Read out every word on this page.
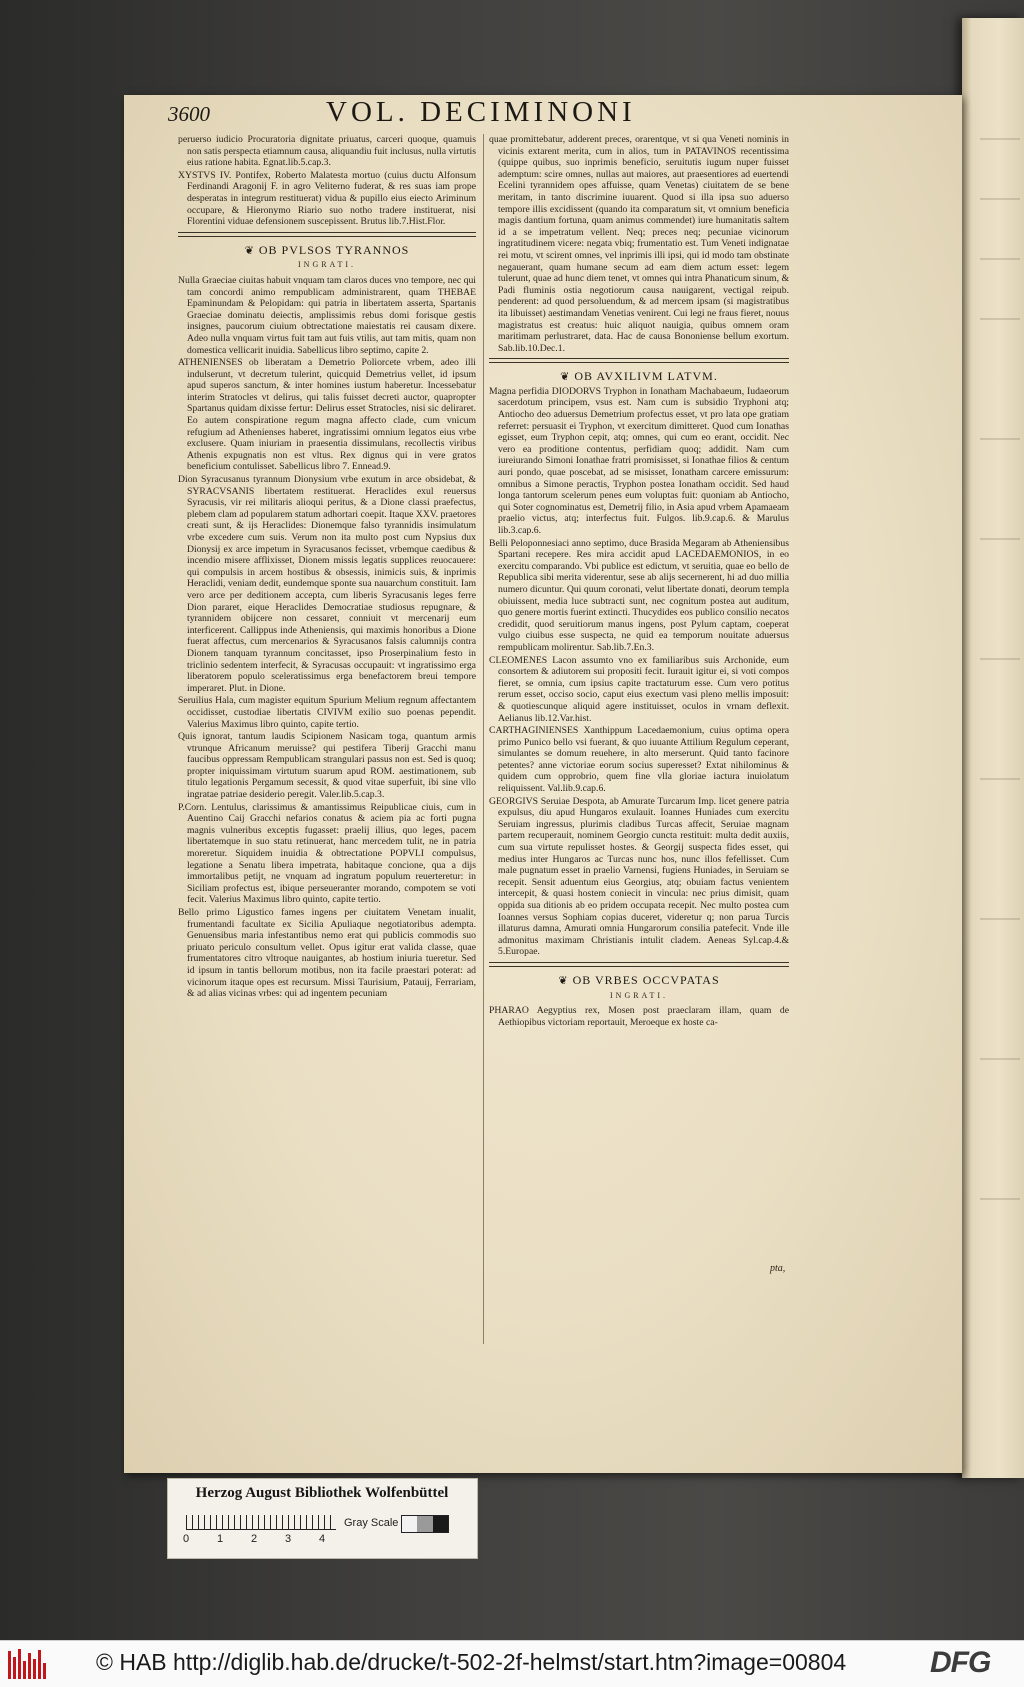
3600	VOL. DECIMINONI

peruerso iudicio Procuratoria dignitate priuatus, carceri quoque, quamuis non satis perspecta etiamnum causa, aliquandiu fuit inclusus, nulla virtutis eius ratione habita. Egnat.lib.5.cap.3.

XYSTVS IV. Pontifex, Roberto Malatesta mortuo (cuius ductu Alfonsum Ferdinandi Aragonij F. in agro Veliterno fuderat, & res suas iam prope desperatas in integrum restituerat) vidua & pupillo eius eiecto Ariminum occupare, & Hieronymo Riario suo notho tradere instituerat, nisi Florentini viduae defensionem suscepissent. Brutus lib.7.Hist.Flor.

❦ OB PVLSOS TYRANNOS
INGRATI.

Nulla Graeciae ciuitas habuit vnquam tam claros duces vno tempore, nec qui tam concordi animo rempublicam administrarent, quam THEBAE Epaminundam & Pelopidam: qui patria in libertatem asserta, Spartanis Graeciae dominatu deiectis, amplissimis rebus domi forisque gestis insignes, paucorum ciuium obtrectatione maiestatis rei causam dixere. Adeo nulla vnquam virtus fuit tam aut fuis vtilis, aut tam mitis, quam non domestica vellicarit inuidia. Sabellicus libro septimo, capite 2.

ATHENIENSES ob liberatam a Demetrio Poliorcete vrbem, adeo illi indulserunt, vt decretum tulerint, quicquid Demetrius vellet, id ipsum apud superos sanctum, & inter homines iustum haberetur. Incessebatur interim Stratocles vt delirus, qui talis fuisset decreti auctor, quapropter Spartanus quidam dixisse fertur: Delirus esset Stratocles, nisi sic deliraret. Eo autem conspiratione regum magna affecto clade, cum vnicum refugium ad Athenienses haberet, ingratissimi omnium legatos eius vrbe exclusere. Quam iniuriam in praesentia dissimulans, recollectis viribus Athenis expugnatis non est vltus. Rex dignus qui in vere gratos beneficium contulisset. Sabellicus libro 7. Ennead.9.

Dion Syracusanus tyrannum Dionysium vrbe exutum in arce obsidebat, & SYRACVSANIS libertatem restituerat. Heraclides exul reuersus Syracusis, vir rei militaris alioqui peritus, & a Dione classi praefectus, plebem clam ad popularem statum adhortari coepit. Itaque XXV. praetores creati sunt, & ijs Heraclides: Dionemque falso tyrannidis insimulatum vrbe excedere cum suis. Verum non ita multo post cum Nypsius dux Dionysij ex arce impetum in Syracusanos fecisset, vrbemque caedibus & incendio misere afflixisset, Dionem missis legatis supplices reuocauere: qui compulsis in arcem hostibus & obsessis, inimicis suis, & inprimis Heraclidi, veniam dedit, eundemque sponte sua nauarchum constituit. Iam vero arce per deditionem accepta, cum liberis Syracusanis leges ferre Dion pararet, eique Heraclides Democratiae studiosus repugnare, & tyrannidem obijcere non cessaret, conniuit vt mercenarij eum interficerent. Callippus inde Atheniensis, qui maximis honoribus a Dione fuerat affectus, cum mercenarios & Syracusanos falsis calumnijs contra Dionem tanquam tyrannum concitasset, ipso Proserpinalium festo in triclinio sedentem interfecit, & Syracusas occupauit: vt ingratissimo erga liberatorem populo sceleratissimus erga benefactorem breui tempore imperaret. Plut. in Dione.

Seruilius Hala, cum magister equitum Spurium Melium regnum affectantem occidisset, custodiae libertatis CIVIVM exilio suo poenas pependit. Valerius Maximus libro quinto, capite tertio.

Quis ignorat, tantum laudis Scipionem Nasicam toga, quantum armis vtrunque Africanum meruisse? qui pestifera Tiberij Gracchi manu faucibus oppressam Rempublicam strangulari passus non est. Sed is quoq; propter iniquissimam virtutum suarum apud ROM. aestimationem, sub titulo legationis Pergamum secessit, & quod vitae superfuit, ibi sine vllo ingratae patriae desiderio peregit. Valer.lib.5.cap.3.

P.Corn. Lentulus, clarissimus & amantissimus Reipublicae ciuis, cum in Auentino Caij Gracchi nefarios conatus & aciem pia ac forti pugna magnis vulneribus exceptis fugasset: praelij illius, quo leges, pacem libertatemque in suo statu retinuerat, hanc mercedem tulit, ne in patria moreretur. Siquidem inuidia & obtrectatione POPVLI compulsus, legatione a Senatu libera impetrata, habitaque concione, qua a dijs immortalibus petijt, ne vnquam ad ingratum populum reuerteretur: in Siciliam profectus est, ibique perseueranter morando, compotem se voti fecit. Valerius Maximus libro quinto, capite tertio.

Bello primo Ligustico fames ingens per ciuitatem Venetam inualit, frumentandi facultate ex Sicilia Apuliaque negotiatoribus adempta. Genuensibus maria infestantibus nemo erat qui publicis commodis suo priuato periculo consultum vellet. Opus igitur erat valida classe, quae frumentatores citro vltroque nauigantes, ab hostium iniuria tueretur. Sed id ipsum in tantis bellorum motibus, non ita facile praestari poterat: ad vicinorum itaque opes est recursum. Missi Taurisium, Patauij, Ferrariam, & ad alias vicinas vrbes: qui ad ingentem pecuniam

quae promittebatur, adderent preces, orarentque, vt si qua Veneti nominis in vicinis extarent merita, cum in alios, tum in PATAVINOS recentissima (quippe quibus, suo inprimis beneficio, seruitutis iugum nuper fuisset ademptum: scire omnes, nullas aut maiores, aut praesentiores ad euertendi Ecelini tyrannidem opes affuisse, quam Venetas) ciuitatem de se bene meritam, in tanto discrimine iuuarent. Quod si illa ipsa suo aduerso tempore illis excidissent (quando ita comparatum sit, vt omnium beneficia magis dantium fortuna, quam animus commendet) iure humanitatis saltem id a se impetratum vellent. Neq; preces neq; pecuniae vicinorum ingratitudinem vicere: negata vbiq; frumentatio est. Tum Veneti indignatae rei motu, vt scirent omnes, vel inprimis illi ipsi, qui id modo tam obstinate negauerant, quam humane secum ad eam diem actum esset: legem tulerunt, quae ad hunc diem tenet, vt omnes qui intra Phanaticum sinum, & Padi fluminis ostia negotiorum causa nauigarent, vectigal reipub. penderent: ad quod persoluendum, & ad mercem ipsam (si magistratibus ita libuisset) aestimandam Venetias venirent. Cui legi ne fraus fieret, nouus magistratus est creatus: huic aliquot nauigia, quibus omnem oram maritimam perlustraret, data. Hac de causa Bononiense bellum exortum. Sab.lib.10.Dec.1.

❦ OB AVXILIVM LATVM.

Magna perfidia DIODORVS Tryphon in Ionatham Machabaeum, Iudaeorum sacerdotum principem, vsus est. Nam cum is subsidio Tryphoni atq; Antiocho deo aduersus Demetrium profectus esset, vt pro lata ope gratiam referret: persuasit ei Tryphon, vt exercitum dimitteret. Quod cum Ionathas egisset, eum Tryphon cepit, atq; omnes, qui cum eo erant, occidit. Nec vero ea proditione contentus, perfidiam quoq; addidit. Nam cum iureiurando Simoni Ionathae fratri promisisset, si Ionathae filios & centum auri pondo, quae poscebat, ad se misisset, Ionatham carcere emissurum: omnibus a Simone peractis, Tryphon postea Ionatham occidit. Sed haud longa tantorum scelerum penes eum voluptas fuit: quoniam ab Antiocho, qui Soter cognominatus est, Demetrij filio, in Asia apud vrbem Apamaeam praelio victus, atq; interfectus fuit. Fulgos. lib.9.cap.6. & Marulus lib.3.cap.6.

Belli Peloponnesiaci anno septimo, duce Brasida Megaram ab Atheniensibus Spartani recepere. Res mira accidit apud LACEDAEMONIOS, in eo exercitu comparando. Vbi publice est edictum, vt seruitia, quae eo bello de Republica sibi merita viderentur, sese ab alijs secernerent, hi ad duo millia numero dicuntur. Qui quum coronati, velut libertate donati, deorum templa obiuissent, media luce subtracti sunt, nec cognitum postea aut auditum, quo genere mortis fuerint extincti. Thucydides eos publico consilio necatos credidit, quod seruitiorum manus ingens, post Pylum captam, coeperat vulgo ciuibus esse suspecta, ne quid ea temporum nouitate aduersus rempublicam molirentur. Sab.lib.7.En.3.

CLEOMENES Lacon assumto vno ex familiaribus suis Archonide, eum consortem & adiutorem sui propositi fecit. Iurauit igitur ei, si voti compos fieret, se omnia, cum ipsius capite tractaturum esse. Cum vero potitus rerum esset, occiso socio, caput eius exectum vasi pleno mellis imposuit: & quotiescunque aliquid agere instituisset, oculos in vrnam deflexit. Aelianus lib.12.Var.hist.

CARTHAGINIENSES Xanthippum Lacedaemonium, cuius optima opera primo Punico bello vsi fuerant, & quo iuuante Attilium Regulum ceperant, simulantes se domum reuehere, in alto merserunt. Quid tanto facinore petentes? anne victoriae eorum socius superesset? Extat nihilominus & quidem cum opprobrio, quem fine vlla gloriae iactura inuiolatum reliquissent. Val.lib.9.cap.6.

GEORGIVS Seruiae Despota, ab Amurate Turcarum Imp. licet genere patria expulsus, diu apud Hungaros exulauit. Ioannes Huniades cum exercitu Seruiam ingressus, plurimis cladibus Turcas affecit, Seruiae magnam partem recuperauit, nominem Georgio cuncta restituit: multa dedit auxiis, cum sua virtute repulisset hostes. & Georgij suspecta fides esset, qui medius inter Hungaros ac Turcas nunc hos, nunc illos fefellisset. Cum male pugnatum esset in praelio Varnensi, fugiens Huniades, in Seruiam se recepit. Sensit aduentum eius Georgius, atq; obuiam factus venientem intercepit, & quasi hostem coniecit in vincula: nec prius dimisit, quam oppida sua ditionis ab eo pridem occupata recepit. Nec multo postea cum Ioannes versus Sophiam copias duceret, videretur q; non parua Turcis illaturus damna, Amurati omnia Hungarorum consilia patefecit. Vnde ille admonitus maximam Christianis intulit cladem. Aeneas Syl.cap.4.& 5.Europae.

❦ OB VRBES OCCVPATAS
INGRATI.

PHARAO Aegyptius rex, Mosen post praeclaram illam, quam de Aethiopibus victoriam reportauit, Meroeque ex hoste ca-

pta,
Herzog August Bibliothek Wolfenbüttel
0	1	2	3	4
Gray Scale
© HAB http://diglib.hab.de/drucke/t-502-2f-helmst/start.htm?image=00804	DFG
